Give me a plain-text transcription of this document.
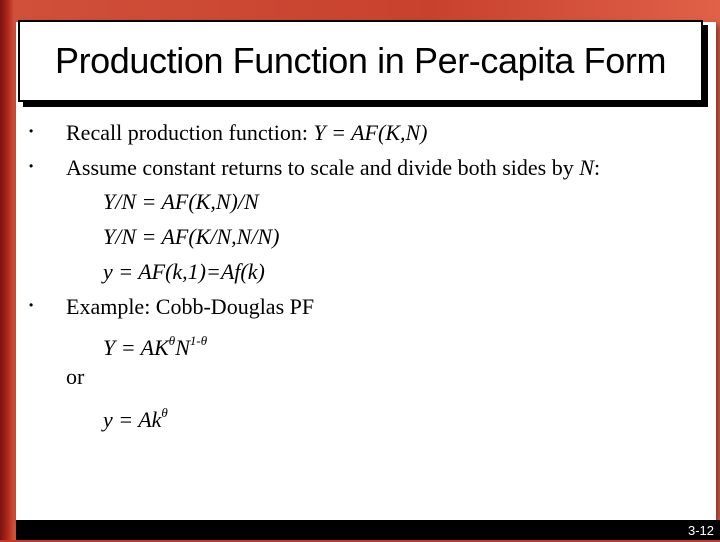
Production Function in Per-capita Form
• Recall production function: Y = AF(K,N)
• Assume constant returns to scale and divide both sides by N:
Y/N = AF(K,N)/N
Y/N = AF(K/N,N/N)
y = AF(k,1)=Af(k)
• Example: Cobb-Douglas PF
$Y = AK^\theta N^{1-\theta}$
or
$y = Ak^\theta$
3-12
